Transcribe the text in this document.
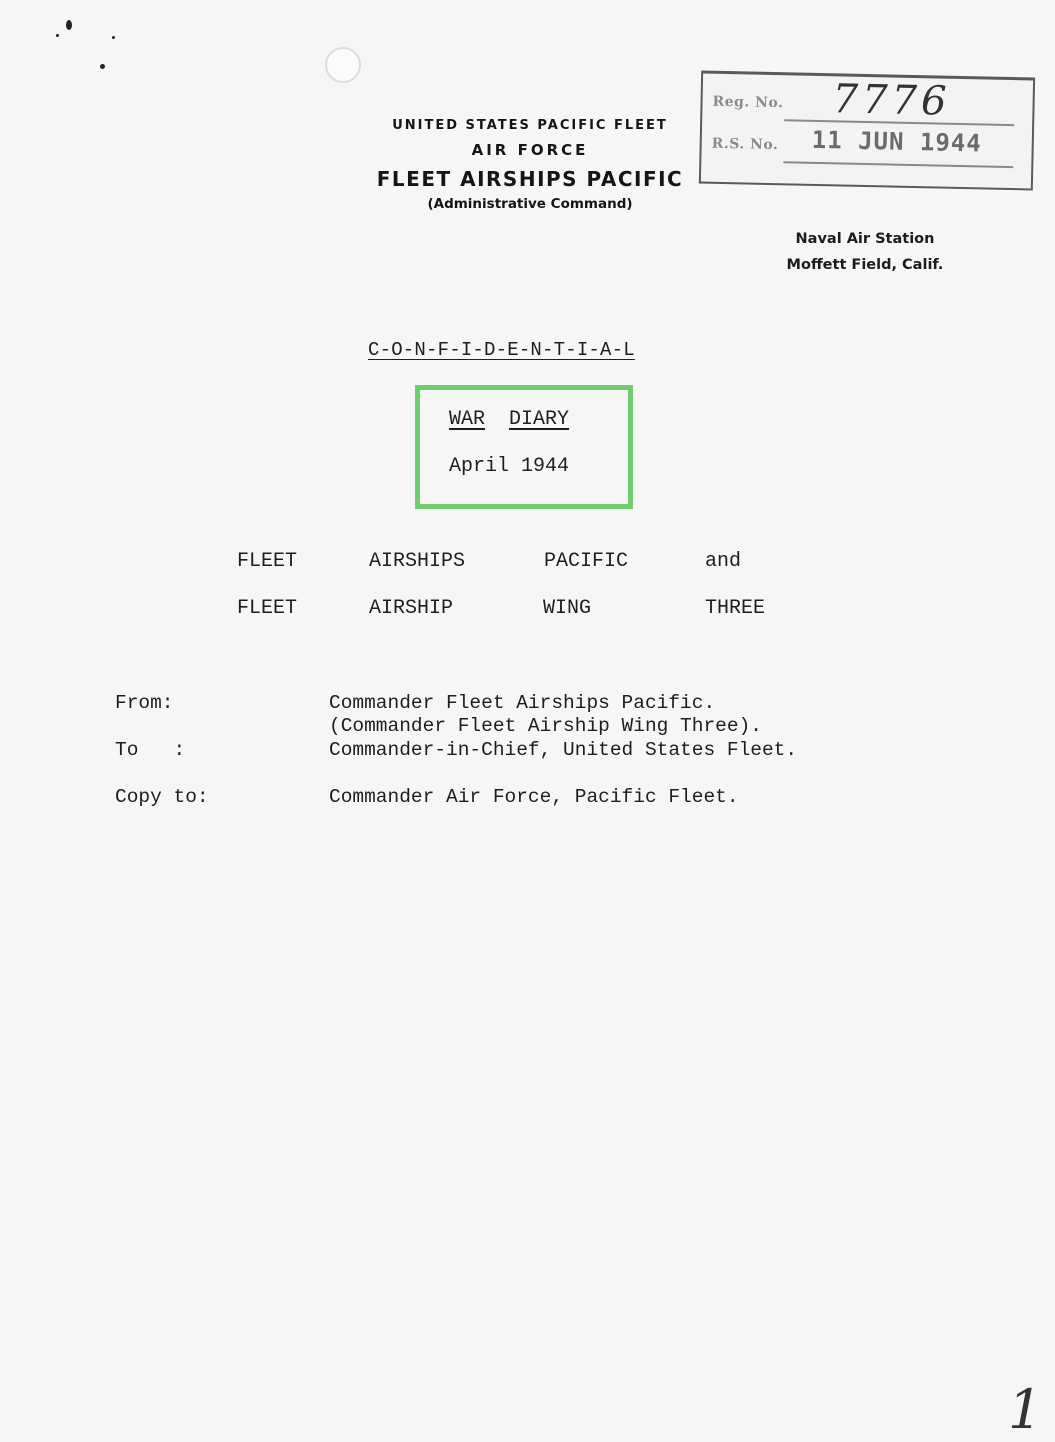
UNITED STATES PACIFIC FLEET
AIR FORCE
FLEET AIRSHIPS PACIFIC
(Administrative Command)
Reg. No. 7776
R.S. No. 11 JUN 1944
Naval Air Station
Moffett Field, Calif.
C-O-N-F-I-D-E-N-T-I-A-L
WAR DIARY
April 1944
FLEET	AIRSHIPS	PACIFIC	and
FLEET	AIRSHIP	WING	THREE
From:	Commander Fleet Airships Pacific.
(Commander Fleet Airship Wing Three).
To   :	Commander-in-Chief, United States Fleet.
Copy to:	Commander Air Force, Pacific Fleet.
1
